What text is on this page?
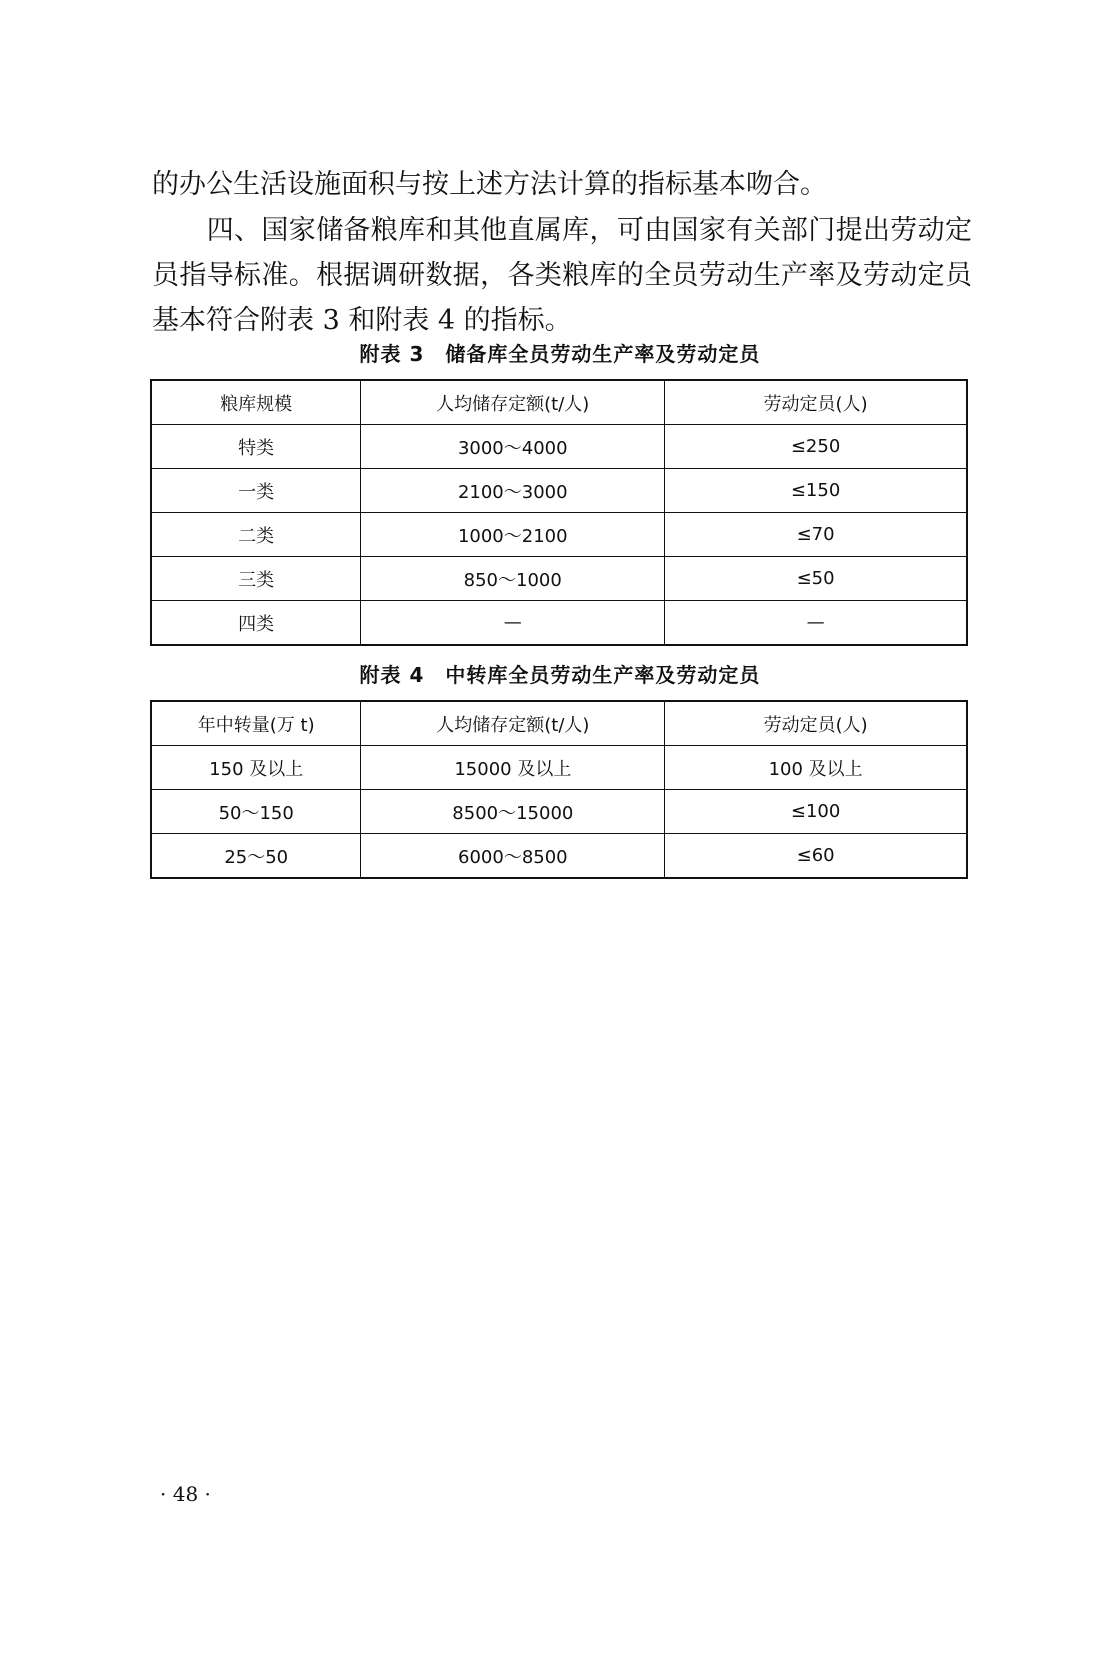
的办公生活设施面积与按上述方法计算的指标基本吻合。

　　四、国家储备粮库和其他直属库，可由国家有关部门提出劳动定员指导标准。根据调研数据，各类粮库的全员劳动生产率及劳动定员基本符合附表 3 和附表 4 的指标。

附表 3　储备库全员劳动生产率及劳动定员
粮库规模	人均储存定额(t/人)	劳动定员(人)
特类	3000～4000	≤250
一类	2100～3000	≤150
二类	1000～2100	≤70
三类	850～1000	≤50
四类	—	—
附表 4　中转库全员劳动生产率及劳动定员
年中转量(万 t)	人均储存定额(t/人)	劳动定员(人)
150 及以上	15000 及以上	100 及以上
50～150	8500～15000	≤100
25～50	6000～8500	≤60
· 48 ·
